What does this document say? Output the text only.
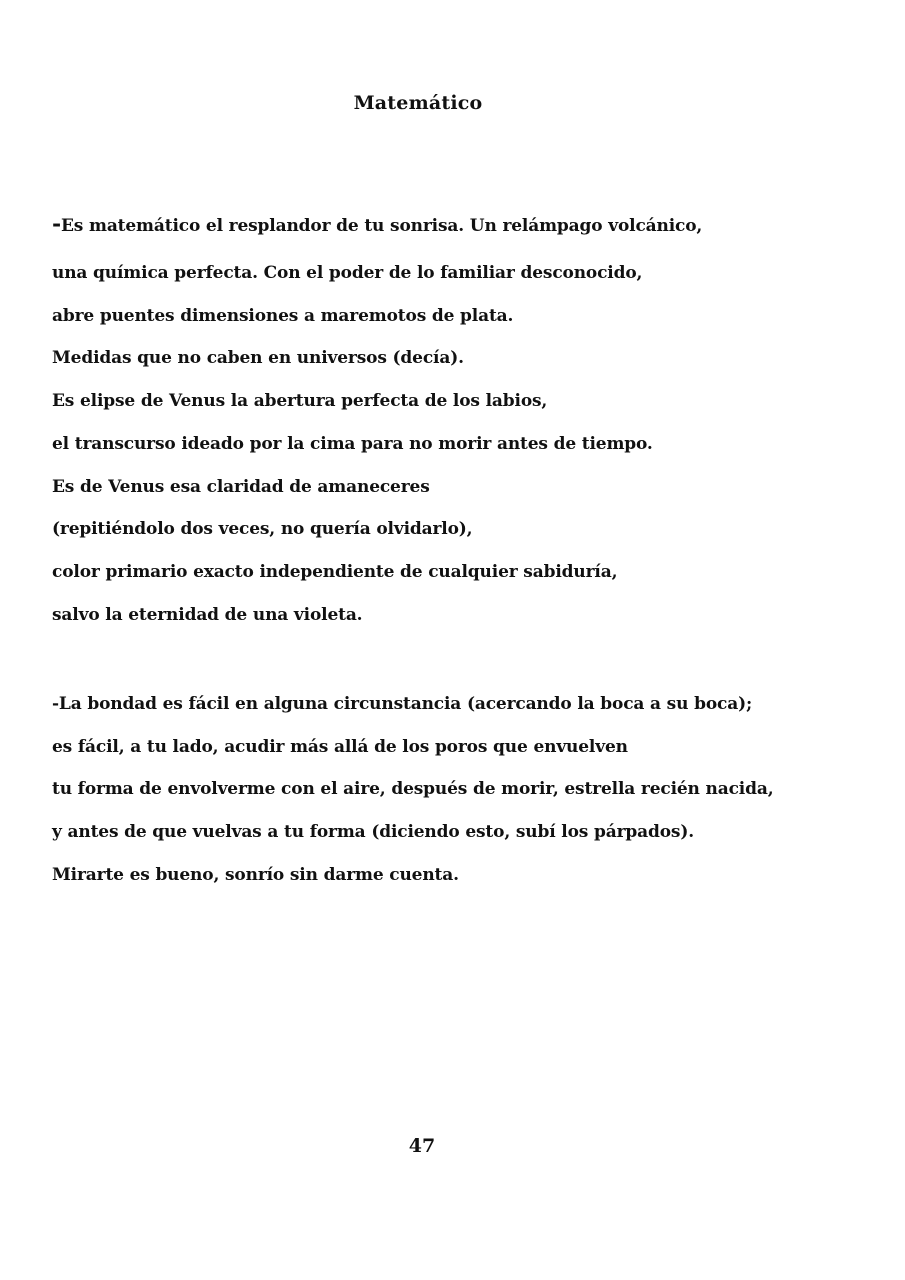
Matemático
-Es matemático el resplandor de tu sonrisa. Un relámpago volcánico,
una química perfecta. Con el poder de lo familiar desconocido,
abre puentes dimensiones a maremotos de plata.
Medidas que no caben en universos (decía).
Es elipse de Venus la abertura perfecta de los labios,
el transcurso ideado por la cima para no morir antes de tiempo.
Es de Venus esa claridad de amaneceres
(repitiéndolo dos veces, no quería olvidarlo),
color primario exacto independiente de cualquier sabiduría,
salvo la eternidad de una violeta.
-La bondad es fácil en alguna circunstancia (acercando la boca a su boca);
es fácil, a tu lado, acudir más allá de los poros que envuelven
tu forma de envolverme con el aire, después de morir, estrella recién nacida,
y antes de que vuelvas a tu forma (diciendo esto, subí los párpados).
Mirarte es bueno, sonrío sin darme cuenta.
47
